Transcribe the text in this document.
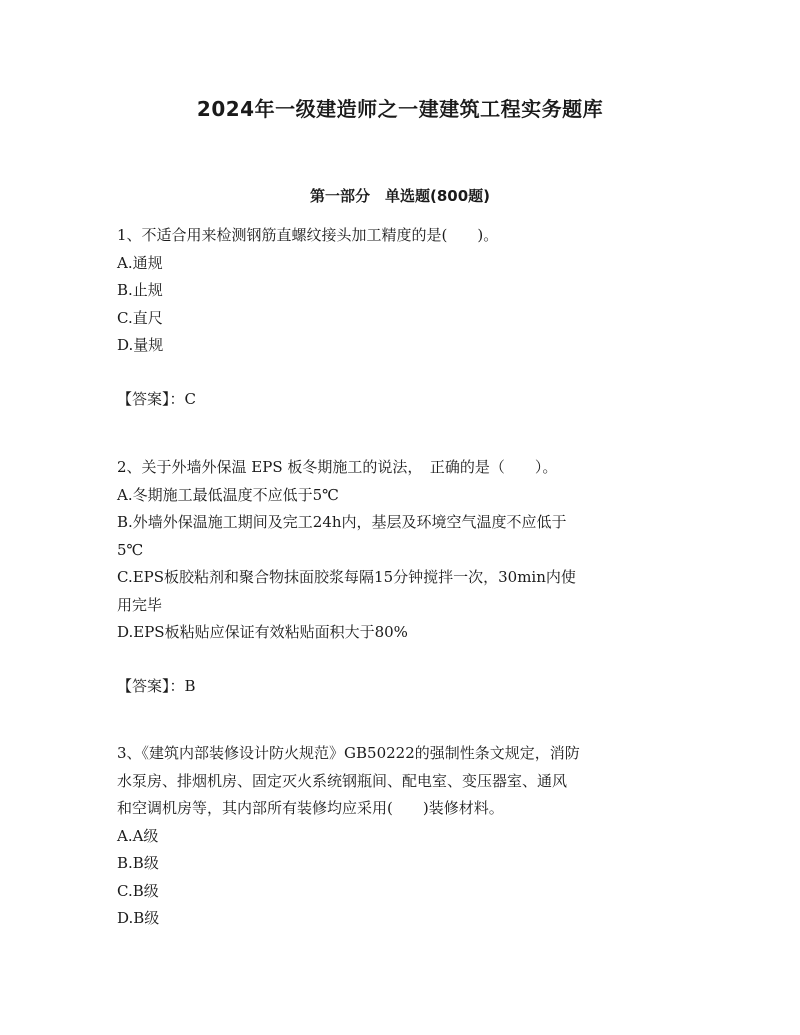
2024年一级建造师之一建建筑工程实务题库
第一部分　单选题(800题)
1、不适合用来检测钢筋直螺纹接头加工精度的是(　　)。
A.通规
B.止规
C.直尺
D.量规
【答案】：C
2、关于外墙外保温 EPS 板冬期施工的说法，　正确的是（　　）。
A.冬期施工最低温度不应低于5℃
B.外墙外保温施工期间及完工24h内，基层及环境空气温度不应低于
5℃
C.EPS板胶粘剂和聚合物抹面胶浆每隔15分钟搅拌一次，30min内使
用完毕
D.EPS板粘贴应保证有效粘贴面积大于80%
【答案】：B
3、《建筑内部装修设计防火规范》GB50222的强制性条文规定，消防
水泵房、排烟机房、固定灭火系统钢瓶间、配电室、变压器室、通风
和空调机房等，其内部所有装修均应采用(　　)装修材料。
A.A级
B.B级
C.B级
D.B级
